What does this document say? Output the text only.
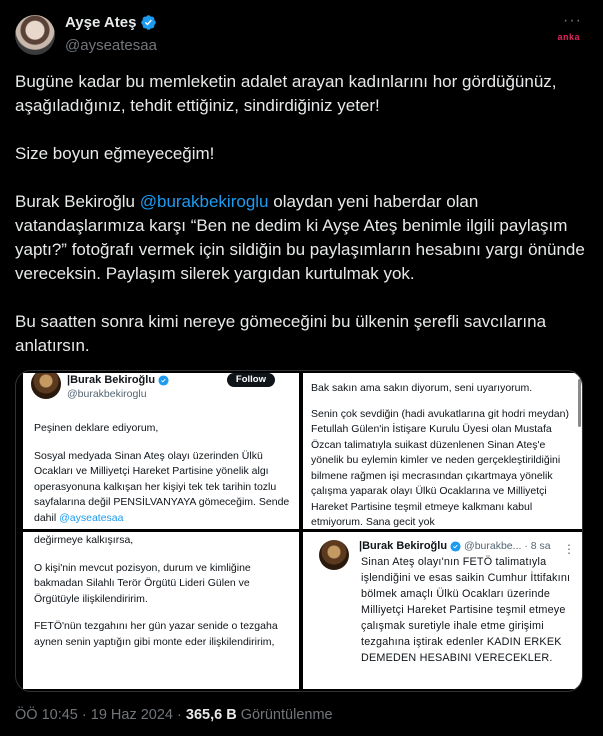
Ayşe Ateş
@ayseatesaa
···
anka

Bugüne kadar bu memleketin adalet arayan kadınlarını hor gördüğünüz, aşağıladığınız, tehdit ettiğiniz, sindirdiğiniz yeter!

Size boyun eğmeyeceğim!

Burak Bekiroğlu @burakbekiroglu olaydan yeni haberdar olan vatandaşlarımıza karşı “Ben ne dedim ki Ayşe Ateş benimle ilgili paylaşım yaptı?” fotoğrafı vermek için sildiğin bu paylaşımların hesabını yargı önünde vereceksin. Paylaşım silerek yargıdan kurtulmak yok.

Bu saatten sonra kimi nereye gömeceğini bu ülkenin şerefli savcılarına anlatırsın.

|Burak Bekiroğlu
@burakbekiroglu
Follow

Peşinen deklare ediyorum,

Sosyal medyada Sinan Ateş olayı üzerinden Ülkü Ocakları ve Milliyetçi Hareket Partisine yönelik algı operasyonuna kalkışan her kişiyi tek tek tarihin tozlu sayfalarına değil PENSİLVANYAYA gömeceğim. Sende dahil @ayseatesaa

Bak sakın ama sakın diyorum, seni uyarıyorum.

Senin çok sevdiğin (hadi avukatlarına git hodri meydan) Fetullah Gülen'in İstişare Kurulu Üyesi olan Mustafa Özcan talimatıyla suikast düzenlenen Sinan Ateş'e yönelik bu eylemin kimler ve neden gerçekleştirildiğini bilmene rağmen işi mecrasından çıkartmaya yönelik çalışma yaparak olayı Ülkü Ocaklarına ve Milliyetçi Hareket Partisine teşmil etmeye kalkmanı kabul etmiyorum. Sana gecit yok

değirmeye kalkışırsa,

O kişi'nin mevcut pozisyon, durum ve kimliğine bakmadan Silahlı Terör Örgütü Lideri Gülen ve Örgütüyle ilişkilendiririm.

FETÖ'nün tezgahını her gün yazar senide o tezgaha aynen senin yaptığın gibi monte eder ilişkilendiririm,

|Burak Bekiroğlu @burakbe... · 8 sa ⋮
Sinan Ateş olayı'nın FETÖ talimatıyla işlendiğini ve esas saikin Cumhur İttifakını bölmek amaçlı Ülkü Ocakları üzerinde Milliyetçi Hareket Partisine teşmil etmeye çalışmak suretiyle ihale etme girişimi tezgahına iştirak edenler KADIN ERKEK DEMEDEN HESABINI VERECEKLER.
ÖÖ 10:45 · 19 Haz 2024 · 365,6 B Görüntülenme
